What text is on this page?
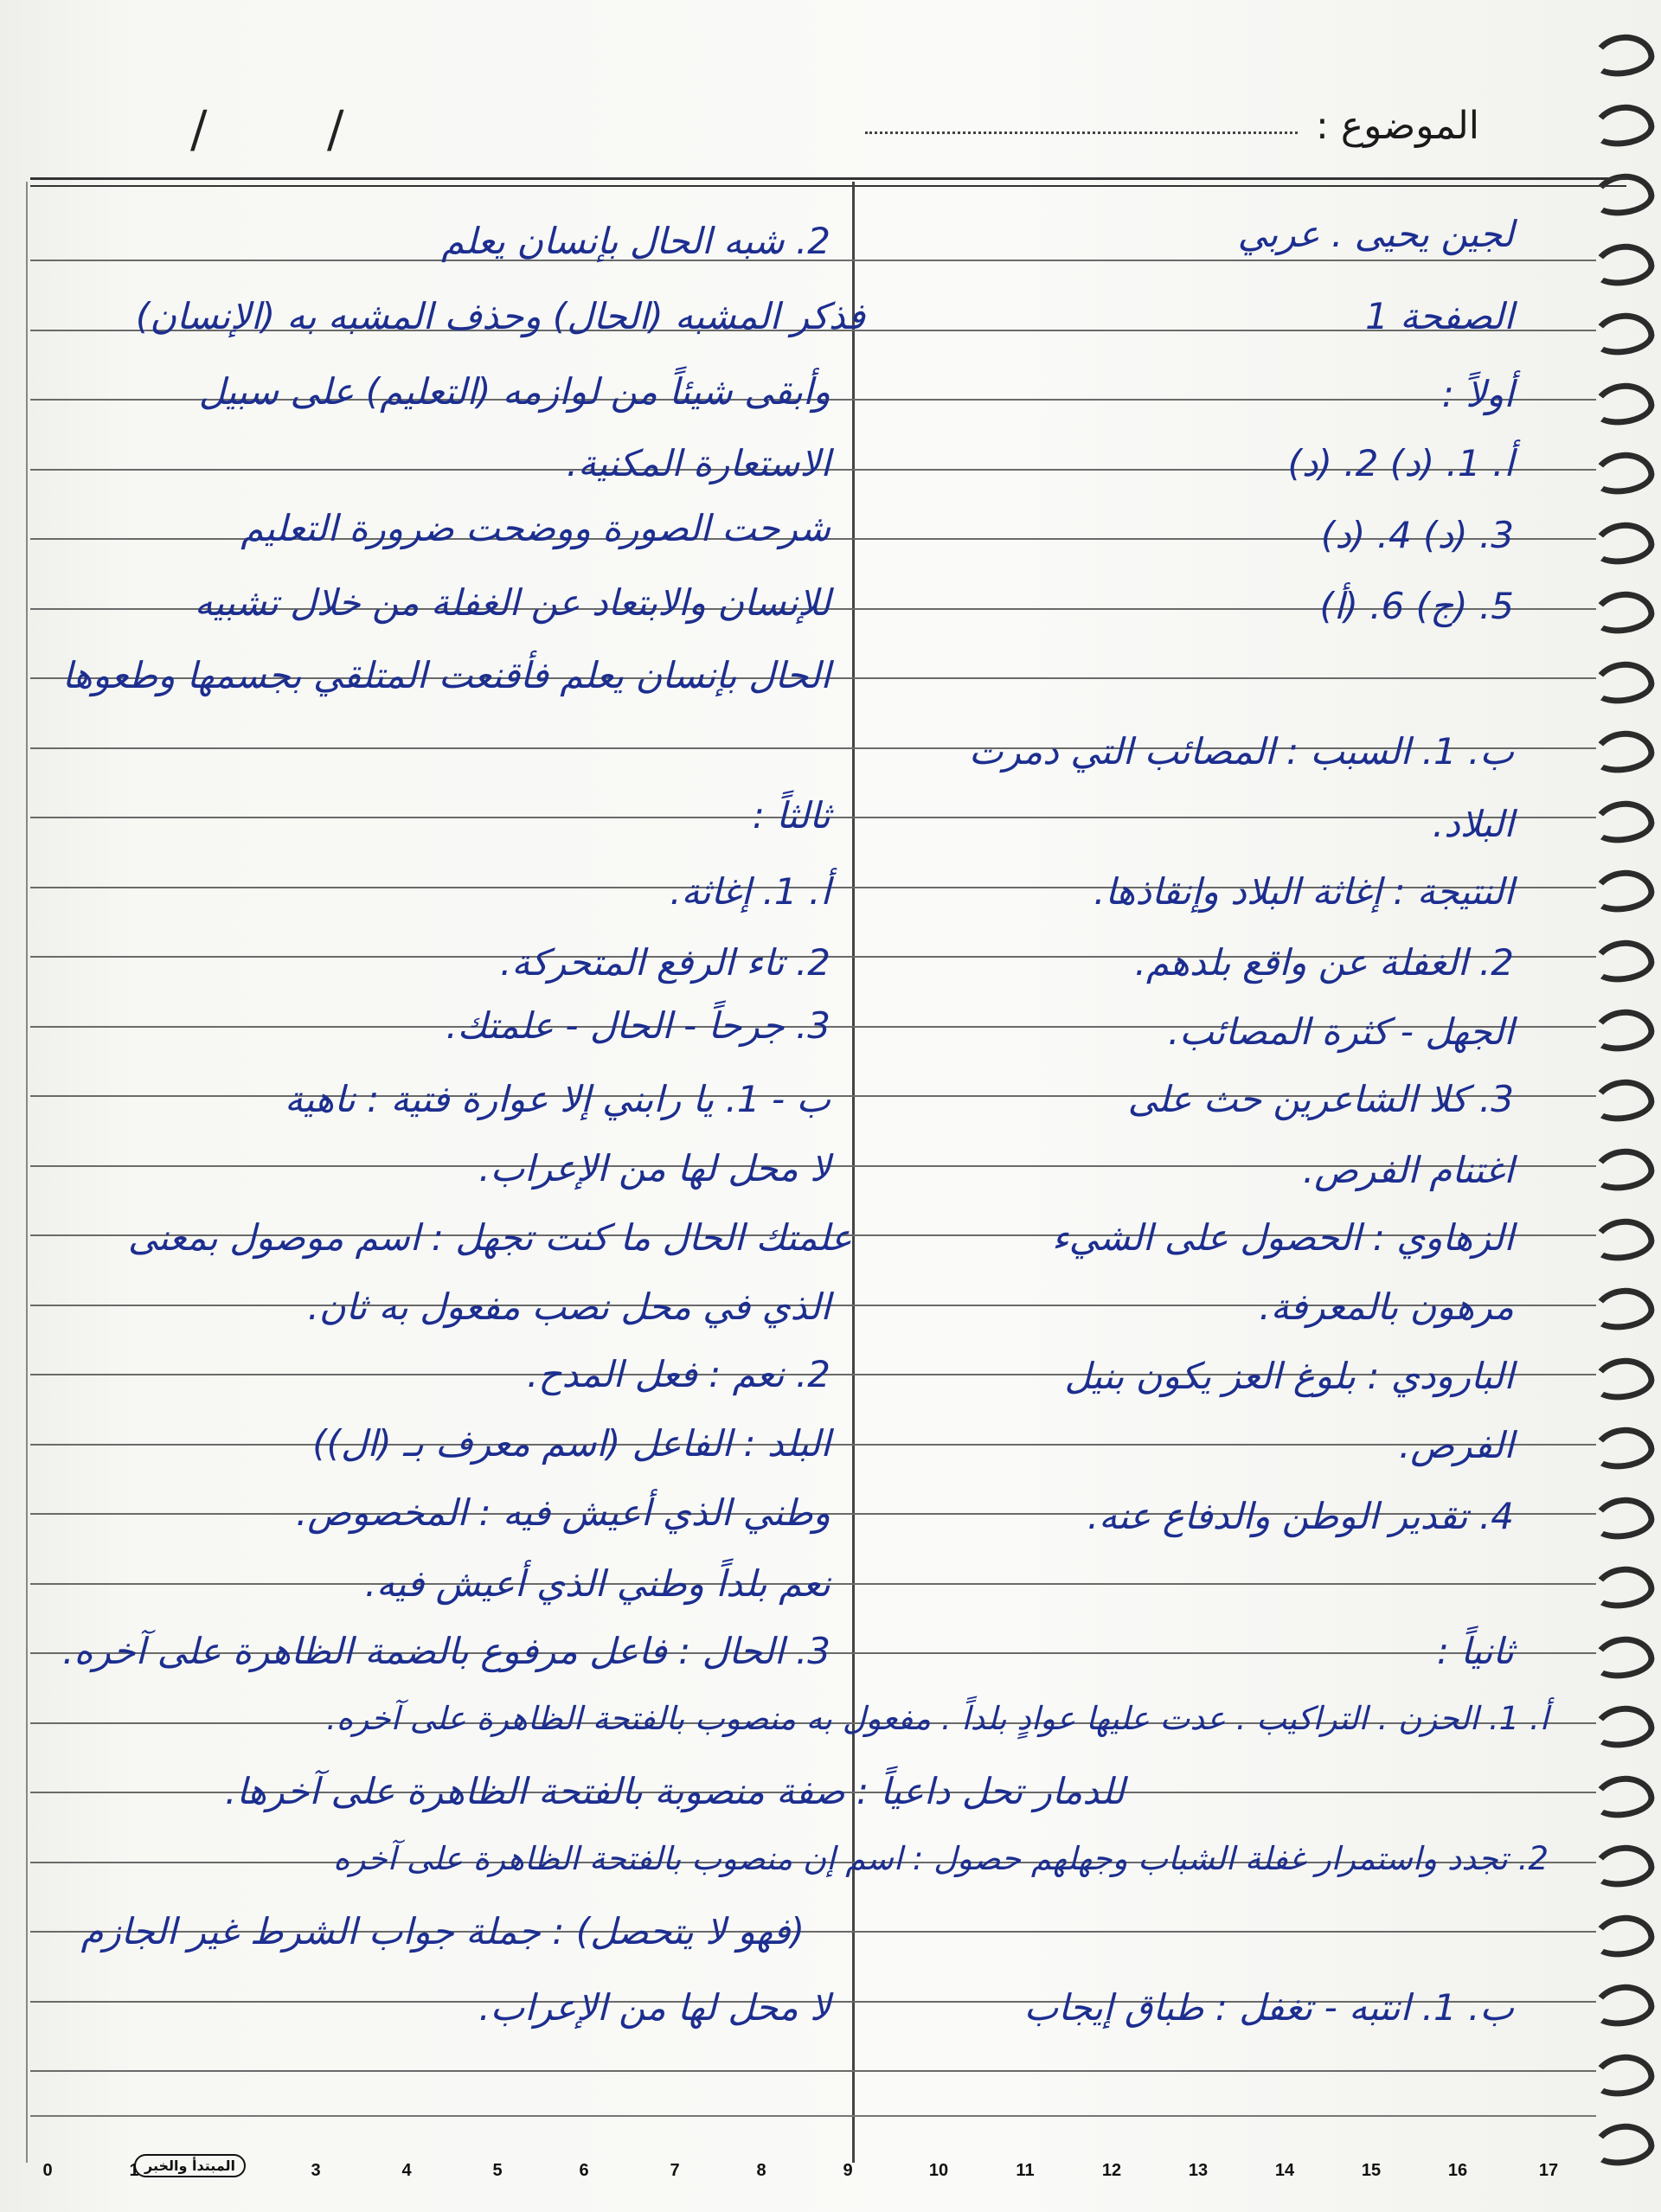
/ /	الموضوع :
لجين يحيى . عربي
2. شبه الحال بإنسان يعلم
الصفحة 1
فذكر المشبه (الحال) وحذف المشبه به (الإنسان)
أولاً :
وأبقى شيئاً من لوازمه (التعليم) على سبيل
أ. 1. (د) 2. (د)
الاستعارة المكنية.
3. (د) 4. (د)
شرحت الصورة ووضحت ضرورة التعليم
5. (ج) 6. (أ)
للإنسان والابتعاد عن الغفلة من خلال تشبيه
الحال بإنسان يعلم فأقنعت المتلقي بجسمها وطعوها
ب. 1. السبب : المصائب التي دمرت
البلاد.
ثالثاً :
النتيجة : إغاثة البلاد وإنقاذها.
أ. 1. إغاثة.
2. الغفلة عن واقع بلدهم.
2. تاء الرفع المتحركة.
الجهل - كثرة المصائب.
3. جرحاً - الحال - علمتك.
3. كلا الشاعرين حث على
ب - 1. يا رابني إلا عوارة فتية : ناهية
اغتنام الفرص.
لا محل لها من الإعراب.
الزهاوي : الحصول على الشيء
علمتك الحال ما كنت تجهل : اسم موصول بمعنى
مرهون بالمعرفة.
الذي في محل نصب مفعول به ثان.
البارودي : بلوغ العز يكون بنيل
2. نعم : فعل المدح.
الفرص.
البلد : الفاعل (اسم معرف بـ (ال))
4. تقدير الوطن والدفاع عنه.
وطني الذي أعيش فيه : المخصوص.
نعم بلداً وطني الذي أعيش فيه.
ثانياً :
3. الحال : فاعل مرفوع بالضمة الظاهرة على آخره.
أ. 1. الحزن . التراكيب . عدت عليها عوادٍ بلداً . مفعول به منصوب بالفتحة الظاهرة على آخره.
للدمار تحل داعياً : صفة منصوبة بالفتحة الظاهرة على آخرها.
2. تجدد واستمرار غفلة الشباب وجهلهم حصول : اسم إن منصوب بالفتحة الظاهرة على آخره
(فهو لا يتحصل) : جملة جواب الشرط غير الجازم
ب. 1. انتبه - تغفل : طباق إيجاب
لا محل لها من الإعراب.
0	1	3	4	5	6	7	8	9	10	11	12	13	14	15	16	17
المبتدأ والخبر
